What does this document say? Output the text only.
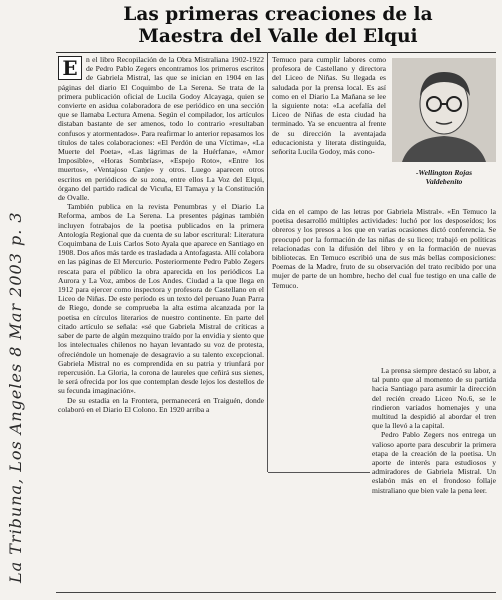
La Tribuna, Los Angeles 8 Mar 2003 p. 3
Las primeras creaciones de la
Maestra del Valle del Elqui

E	n el libro Recopilación de la Obra Mistraliana 1902-1922 de Pedro Pablo Zegers encontramos los primeros escritos de Gabriela Mistral, las que se inician en 1904 en las páginas del diario El Coquimbo de La Serena. Se trata de la primera publicación oficial de Lucila Godoy Alcayaga, quien se convierte en asidua colaboradora de ese periódico en una sección que se llamaba Lectura Amena. Según el compilador, los artículos distaban bastante de ser amenos, todo lo contrario «resultaban confusos y atormentados». Para reafirmar lo anterior repasamos los títulos de tales colaboraciones: «El Perdón de una Víctima», «La Muerte del Poeta», «Las lágrimas de la Huérfana», «Amor Imposible», «Horas Sombrías», «Espejo Roto», «Entre los muertos», «Ventajoso Canje» y otros. Luego aparecen otros escritos en periódicos de su zona, entre ellos La Voz del Elqui, órgano del partido radical de Vicuña, El Tamaya y la Constitución de Ovalle.

También publica en la revista Penumbras y el Diario La Reforma, ambos de La Serena. La presentes páginas también incluyen fotrabajos de la poetisa publicados en la primera Antología Regional que da cuenta de su labor escritural: Literatura Coquimbana de Luis Carlos Soto Ayala que aparece en Santiago en 1908. Dos años más tarde es trasladada a Antofagasta. Allí colabora en las páginas de El Mercurio. Posteriormente Pedro Pablo Zegers rescata para el público la obra aparecida en los periódicos La Aurora y La Voz, ambos de Los Andes. Ciudad a la que llega en 1912 para ejercer como inspectora y profesora de Castellano en el Liceo de Niñas. De este período es un texto del peruano Juan Parra de Riego, donde se comprueba la alta estima alcanzada por la poetisa en círculos literarios de nuestro continente. En parte del citado artículo se señala: «sé que Gabriela Mistral de críticas a saber de parte de algún mezquino traído por la envidia y siento que los intelectuales chilenos no hayan levantado su voz de protesta, ofreciéndole un homenaje de desagravio a su talento excepcional. Gabriela Mistral no es comprendida en su patria y triunfará por repercusión. La Gloria, la corona de laureles que ceñirá sus sienes, le será ofrecida por los que contemplan desde lejos los destellos de su fecunda imaginación».

De su estadía en la Frontera, permanecerá en Traiguén, donde colaboró en el Diario El Colono. En 1920 arriba a

Temuco para cumplir labores como profesora de Castellano y directora del Liceo de Niñas. Su llegada es saludada por la prensa local. Es así como en el Diario La Mañana se lee la siguiente nota: «La acefalía del Liceo de Niñas de esta ciudad ha terminado. Ya se encuentra al frente de su dirección la aventajada educacionista y literata distinguida, señorita Lucila Godoy, más cono-

-Wellington Rojas
Valdebenito

cida en el campo de las letras por Gabriela Mistral». «En Temuco la poetisa desarrolló múltiples actividades: luchó por los desposeídos; los obreros y los presos a los que en varias ocasiones dictó conferencia. Se preocupó por la formación de las niñas de su liceo; trabajó en políticas relacionadas con la difusión del libro y en la formación de nuevas bibliotecas. En Temuco escribió una de sus más bellas composiciones: Poemas de la Madre, fruto de su observación del trato recibido por una mujer de parte de un hombre, hecho del cual fue testigo en una calle de Temuco.

La prensa siempre destacó su labor, a tal punto que al momento de su partida hacia Santiago para asumir la dirección del recién creado Liceo No.6, se le rindieron variados homenajes y una multitud la despidió al abordar el tren que la llevó a la capital.

Pedro Pablo Zegers nos entrega un valioso aporte para descubrir la primera etapa de la creación de la poetisa. Un aporte de interés para estudiosos y admiradores de Gabriela Mistral. Un eslabón más en el frondoso follaje mistraliano que bien vale la pena leer.
